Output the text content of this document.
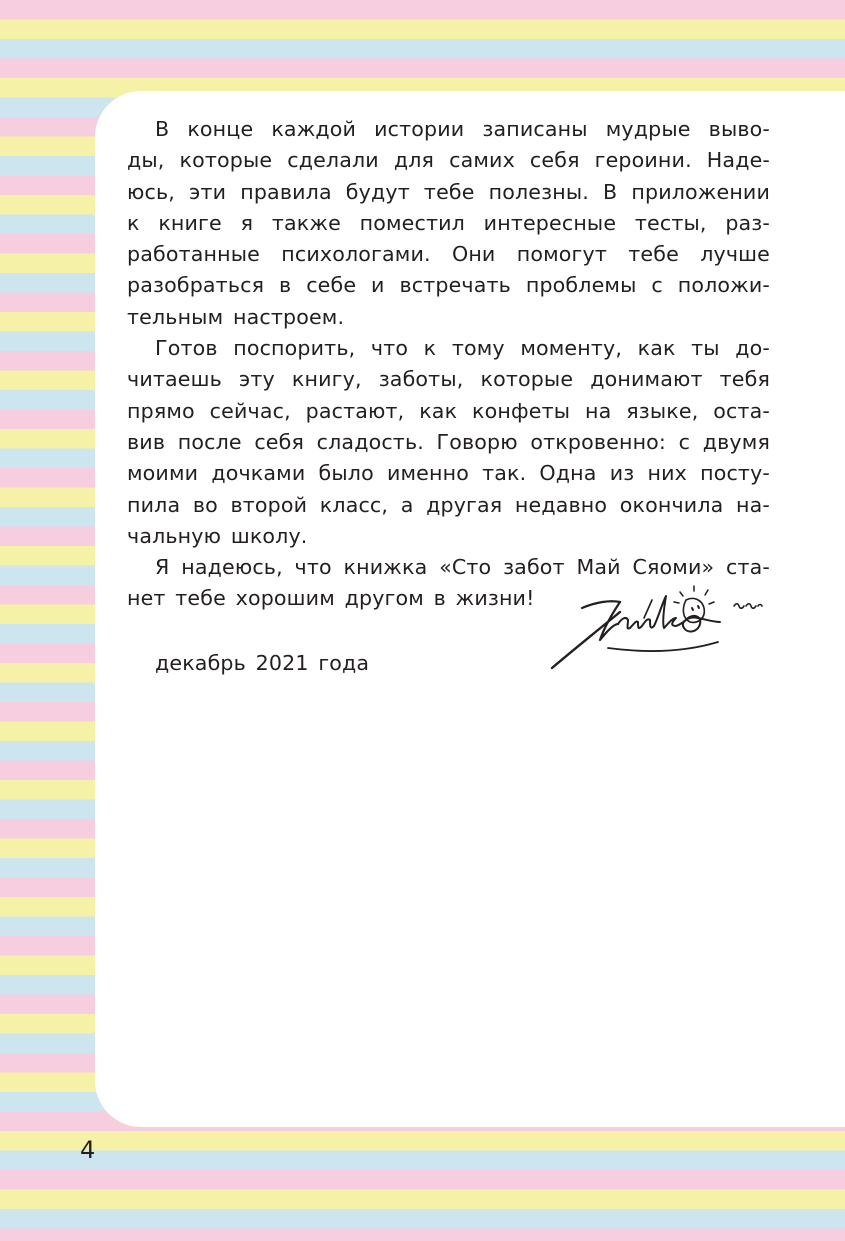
В конце каждой истории записаны мудрые выво-
ды, которые сделали для самих себя героини. Наде-
юсь, эти правила будут тебе полезны. В приложении
к книге я также поместил интересные тесты, раз-
работанные психологами. Они помогут тебе лучше
разобраться в себе и встречать проблемы с положи-
тельным настроем.
Готов поспорить, что к тому моменту, как ты до-
читаешь эту книгу, заботы, которые донимают тебя
прямо сейчас, растают, как конфеты на языке, оста-
вив после себя сладость. Говорю откровенно: с двумя
моими дочками было именно так. Одна из них посту-
пила во второй класс, а другая недавно окончила на-
чальную школу.
Я надеюсь, что книжка «Сто забот Май Сяоми» ста-
нет тебе хорошим другом в жизни!
декабрь 2021 года
4
